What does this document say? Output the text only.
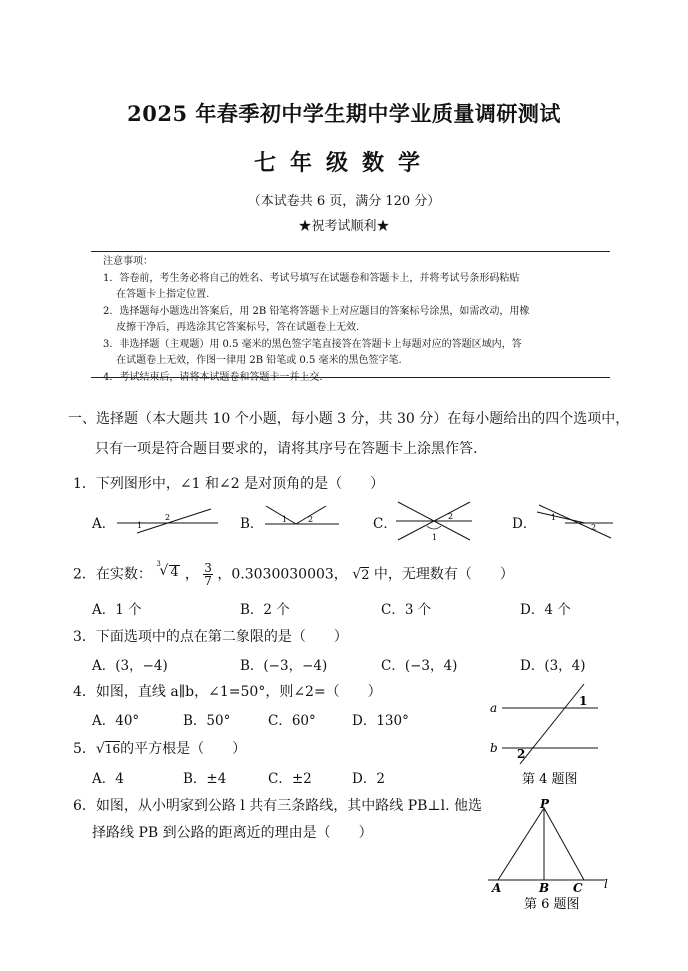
2025 年春季初中学生期中学业质量调研测试
七年级数学
（本试卷共 6 页，满分 120 分）
★祝考试顺利★
注意事项：
1．答卷前，考生务必将自己的姓名、考试号填写在试题卷和答题卡上，并将考试号条形码粘贴
　 在答题卡上指定位置.
2．选择题每小题选出答案后，用 2B 铅笔将答题卡上对应题目的答案标号涂黑，如需改动，用橡
　 皮擦干净后，再选涂其它答案标号，答在试题卷上无效.
3．非选择题（主观题）用 0.5 毫米的黑色签字笔直接答在答题卡上每题对应的答题区域内，答
　 在试题卷上无效，作图一律用 2B 铅笔或 0.5 毫米的黑色签字笔.
4．考试结束后，请将本试题卷和答题卡一并上交.
一、选择题（本大题共 10 个小题，每小题 3 分，共 30 分）在每小题给出的四个选项中，
只有一项是符合题目要求的，请将其序号在答题卡上涂黑作答.
1．下列图形中，∠1 和∠2 是对顶角的是（　　）
A．	B．	C．	D．
1
2	1	2
1
2	1
2
2．在实数：
3
√ 4 ， $\frac{3}{7}$ ，0.3030030003， √2 中，无理数有（　　）
A．1 个	B．2 个	C．3 个	D．4 个
3．下面选项中的点在第二象限的是（　　）
A．(3，−4)	B．(−3，−4)	C．(−3，4)	D．(3，4)
4．如图，直线 a∥b，∠1=50°，则∠2=（　　）
A．40°	B．50°	C．60°	D．130°
a
b
1
2
第 4 题图
5．√16的平方根是（　　）
A．4	B．±4	C．±2	D．2
6．如图，从小明家到公路 l 共有三条路线，其中路线 PB⊥l. 他选
择路线 PB 到公路的距离近的理由是（　　）
P
A	B C l
第 6 题图
